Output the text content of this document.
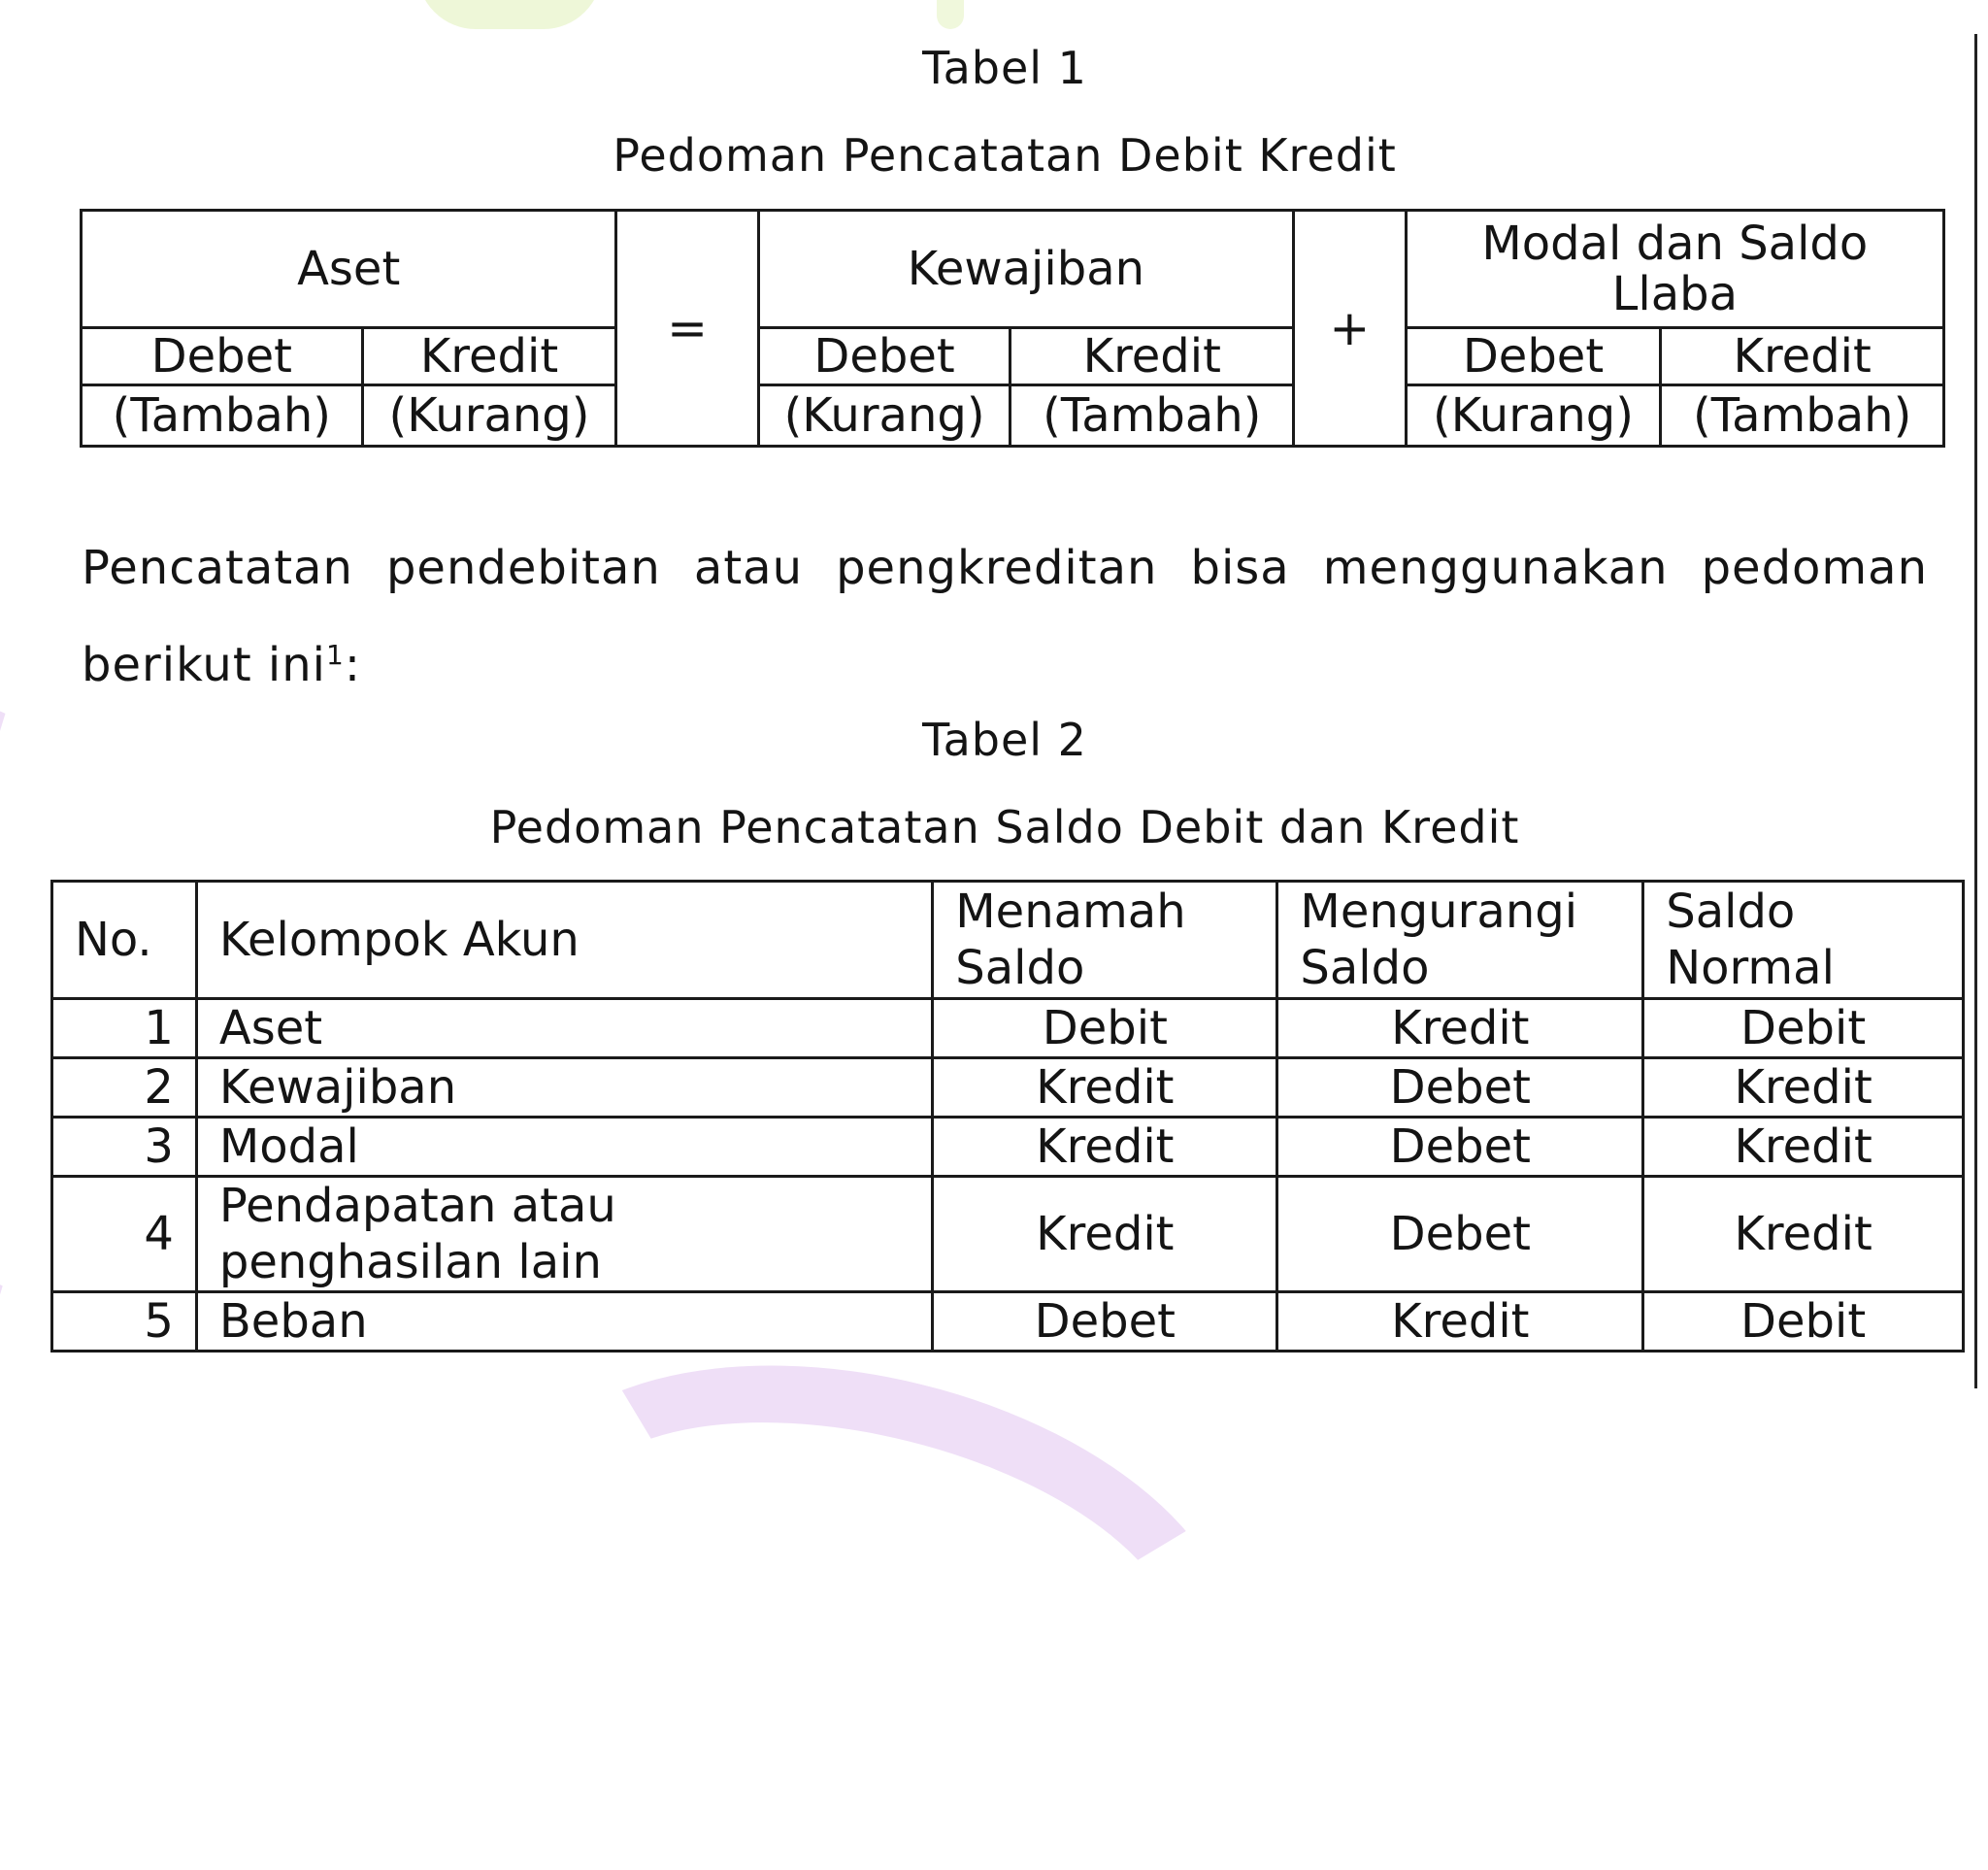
Tabel 1
Pedoman Pencatatan Debit Kredit
Aset		=	Kewajiban		+	Modal dan Saldo Llaba	
Debet	Kredit		Debet	Kredit		Debet	Kredit
(Tambah)	(Kurang)		(Kurang)	(Tambah)		(Kurang)	(Tambah)
Pencatatan pendebitan atau pengkreditan bisa menggunakan pedoman
berikut ini$^1$:
Tabel 2
Pedoman Pencatatan Saldo Debit dan Kredit
No.	Kelompok Akun	Menamah Saldo	Mengurangi Saldo	Saldo Normal
1	Aset	Debit	Kredit	Debit
2	Kewajiban	Kredit	Debet	Kredit
3	Modal	Kredit	Debet	Kredit
4	Pendapatan atau penghasilan lain	Kredit	Debet	Kredit
5	Beban	Debet	Kredit	Debit
